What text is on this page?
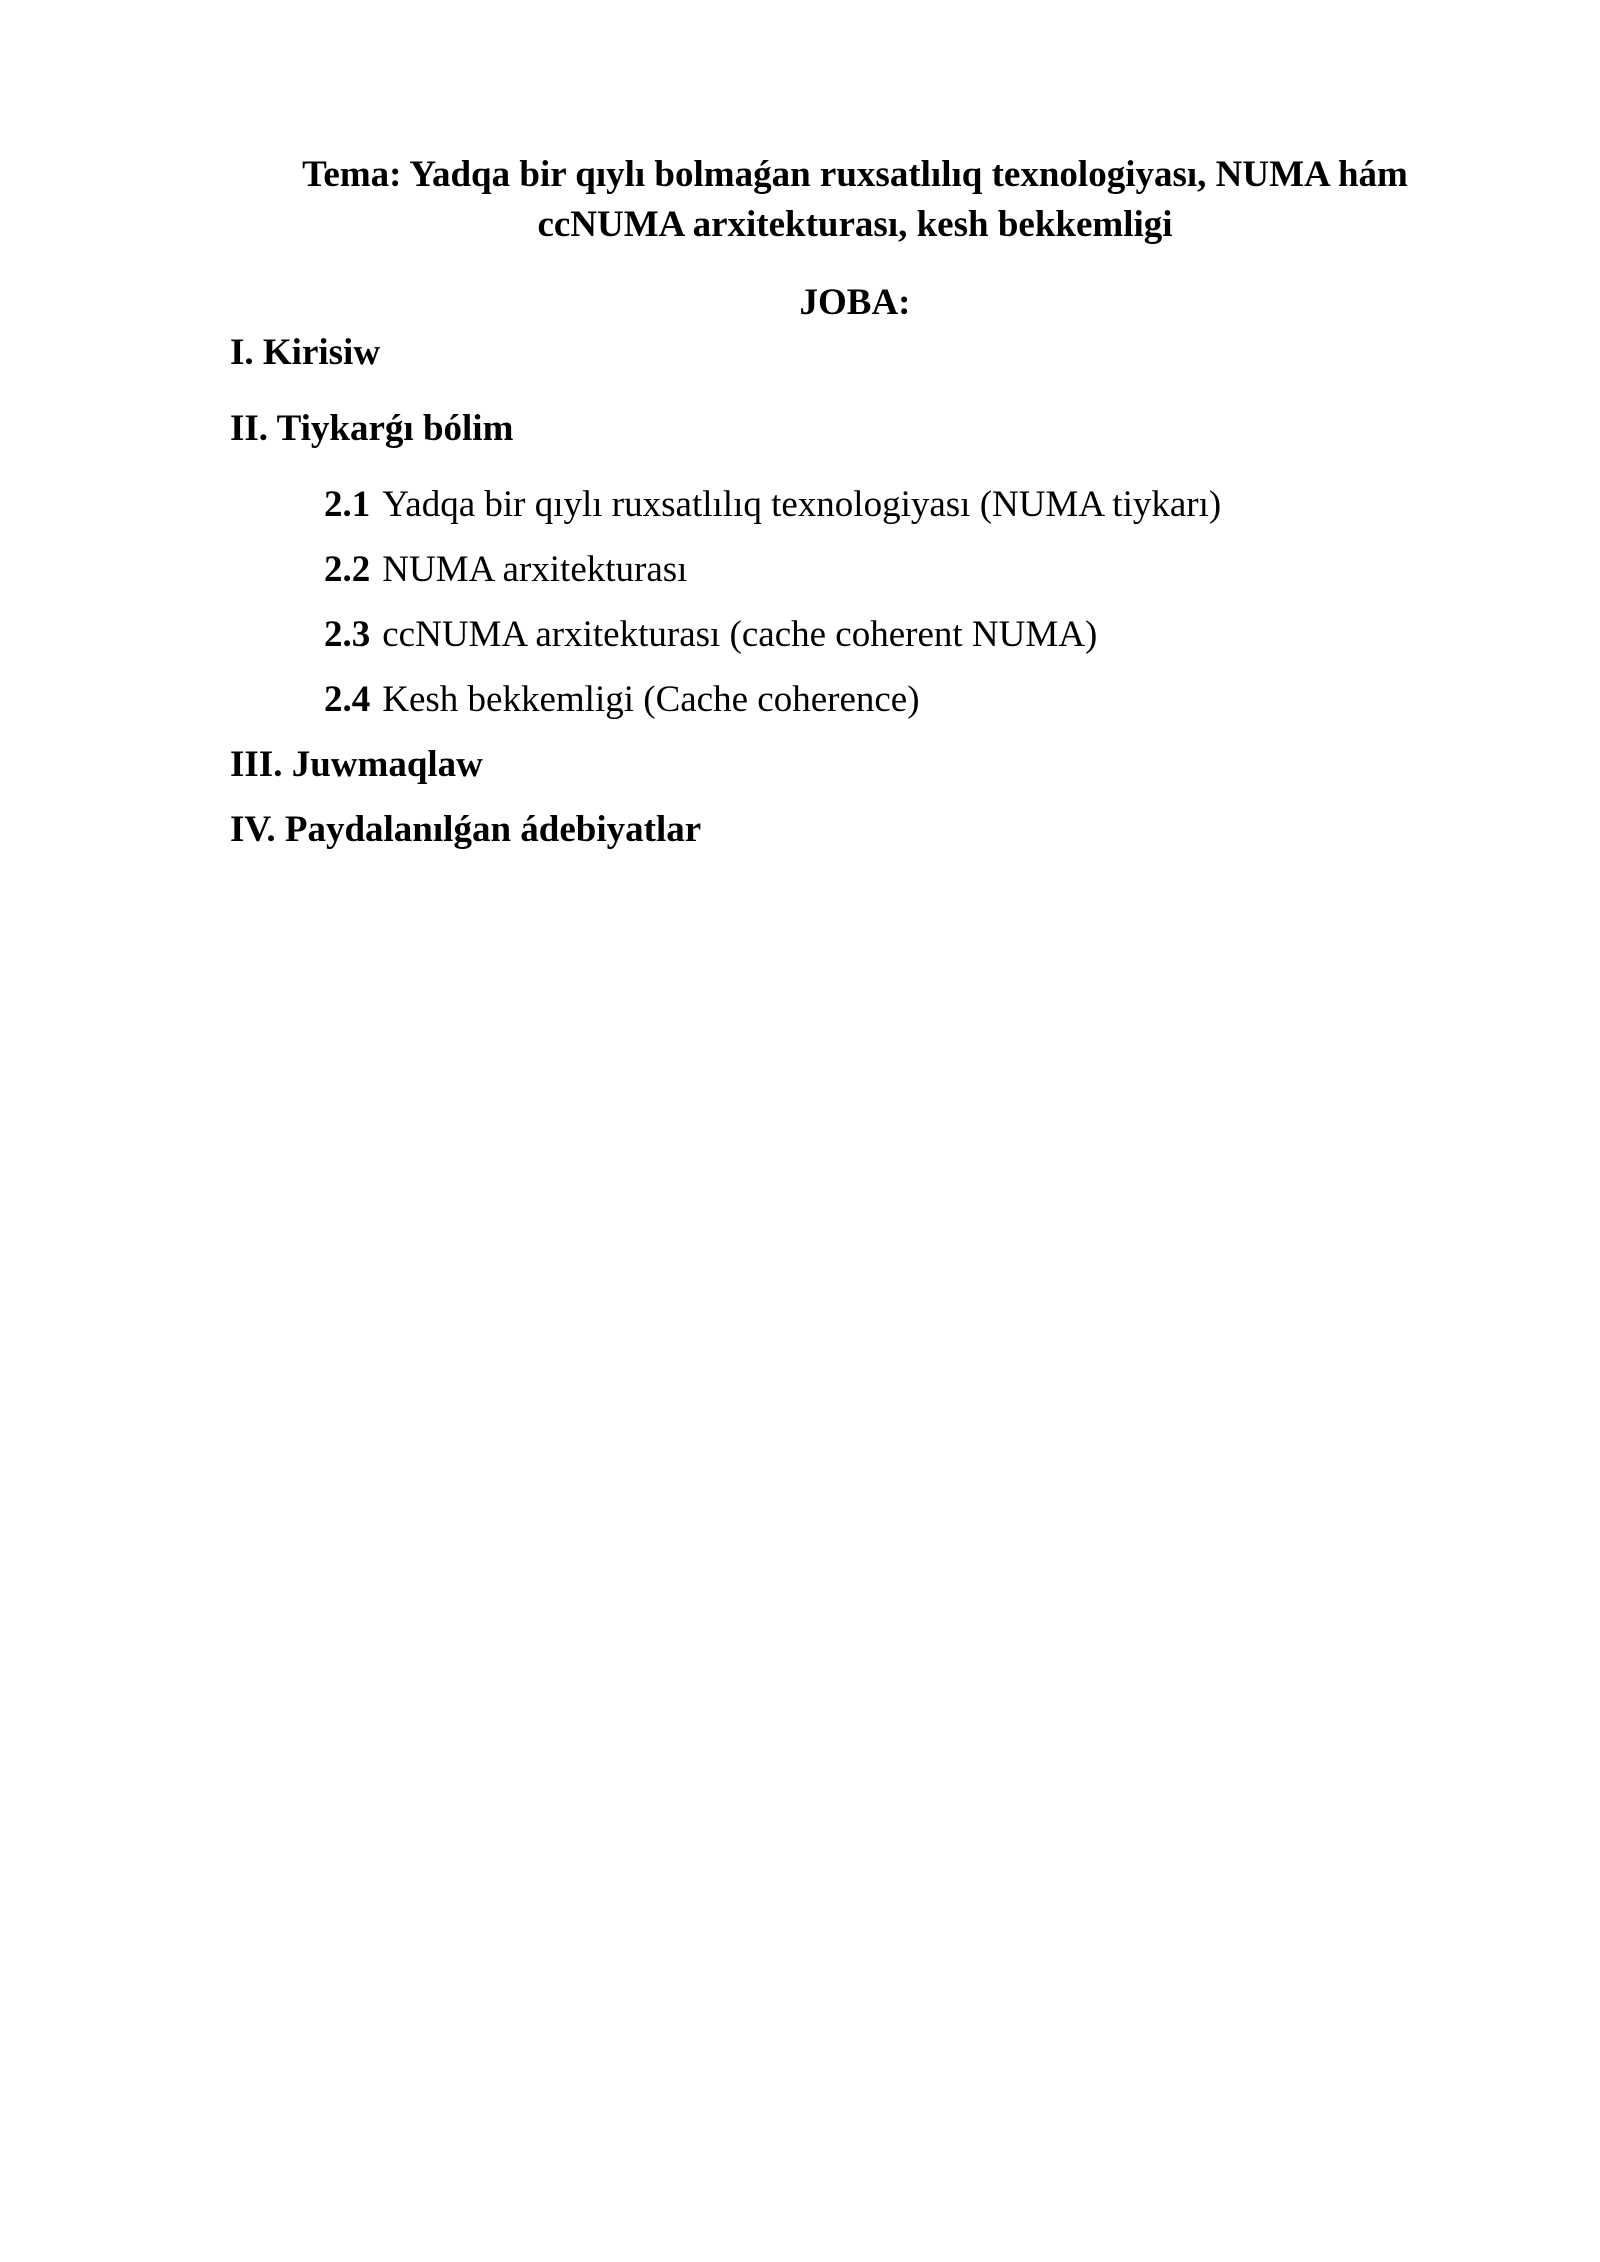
Tema: Yadqa bir qıylı bolmaǵan ruxsatlılıq texnologiyası, NUMA hám
ccNUMA arxitekturası, kesh bekkemligi
JOBA:
I. Kirisiw
II. Tiykarǵı bólim
2.1 Yadqa bir qıylı ruxsatlılıq texnologiyası (NUMA tiykarı)
2.2 NUMA arxitekturası
2.3 ccNUMA arxitekturası (cache coherent NUMA)
2.4 Kesh bekkemligi (Cache coherence)
III. Juwmaqlaw
IV. Paydalanılǵan ádebiyatlar
